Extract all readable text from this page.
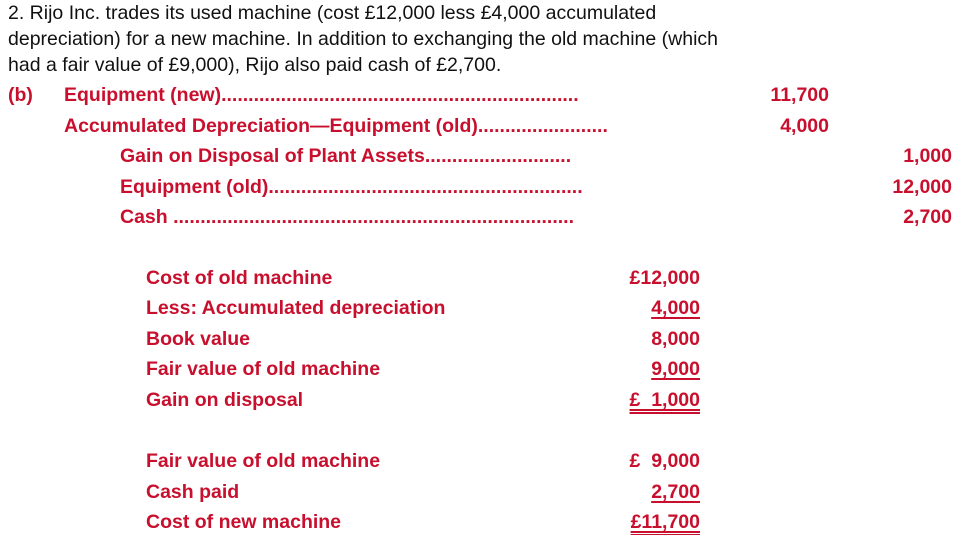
2. Rijo Inc. trades its used machine (cost £12,000 less £4,000 accumulated
depreciation) for a new machine. In addition to exchanging the old machine (which
had a fair value of £9,000), Rijo also paid cash of £2,700.
(b) Equipment (new)..................................................................	11,700
Accumulated Depreciation—Equipment (old)........................	4,000
Gain on Disposal of Plant Assets...........................	1,000
Equipment (old)..........................................................	12,000
Cash ..........................................................................	2,700
Cost of old machine	£12,000
Less: Accumulated depreciation	4,000
Book value	8,000
Fair value of old machine	9,000
Gain on disposal	£  1,000
Fair value of old machine	£  9,000
Cash paid	2,700
Cost of new machine	£11,700
